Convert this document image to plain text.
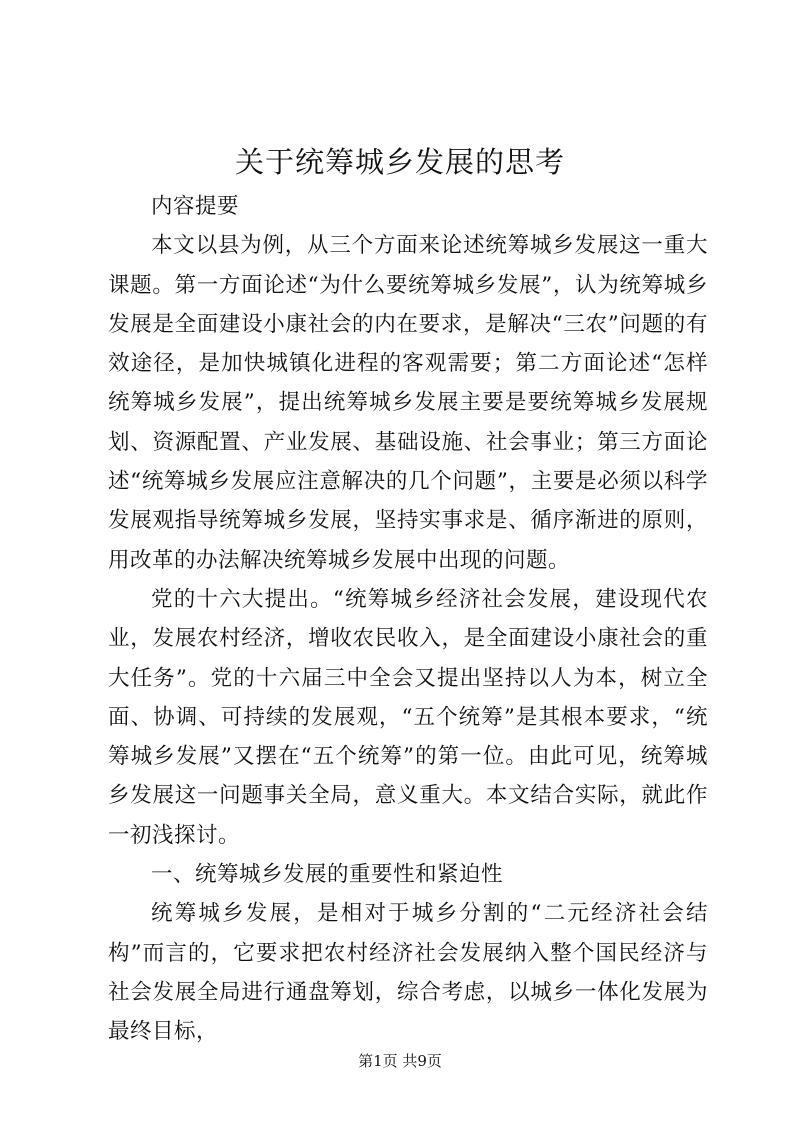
关于统筹城乡发展的思考

内容提要

本文以县为例，从三个方面来论述统筹城乡发展这一重大课题。第一方面论述“为什么要统筹城乡发展”，认为统筹城乡发展是全面建设小康社会的内在要求，是解决“三农”问题的有效途径，是加快城镇化进程的客观需要；第二方面论述“怎样统筹城乡发展”，提出统筹城乡发展主要是要统筹城乡发展规划、资源配置、产业发展、基础设施、社会事业；第三方面论述“统筹城乡发展应注意解决的几个问题”，主要是必须以科学发展观指导统筹城乡发展，坚持实事求是、循序渐进的原则，用改革的办法解决统筹城乡发展中出现的问题。

党的十六大提出。“统筹城乡经济社会发展，建设现代农业，发展农村经济，增收农民收入，是全面建设小康社会的重大任务”。党的十六届三中全会又提出坚持以人为本，树立全面、协调、可持续的发展观，“五个统筹”是其根本要求，“统筹城乡发展”又摆在“五个统筹”的第一位。由此可见，统筹城乡发展这一问题事关全局，意义重大。本文结合实际，就此作一初浅探讨。

一、统筹城乡发展的重要性和紧迫性

统筹城乡发展，是相对于城乡分割的“二元经济社会结构”而言的，它要求把农村经济社会发展纳入整个国民经济与社会发展全局进行通盘筹划，综合考虑，以城乡一体化发展为最终目标，

第1页 共9页
